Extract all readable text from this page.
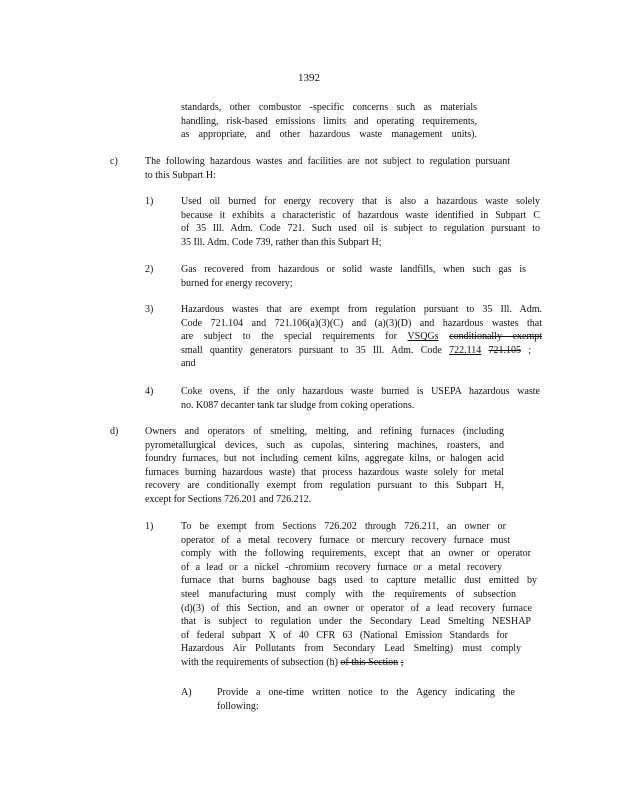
1392
standards, other combustor -specific concerns such as materials
handling, risk-based emissions limits and operating requirements,
as appropriate, and other hazardous waste management units).
c)	The following hazardous wastes and facilities are not subject to regulation pursuant
to this Subpart H:
1)	Used oil burned for energy recovery that is also a hazardous waste solely
because it exhibits a characteristic of hazardous waste identified in Subpart C
of 35 Ill. Adm. Code 721. Such used oil is subject to regulation pursuant to
35 Ill. Adm. Code 739, rather than this Subpart H;
2)	Gas recovered from hazardous or solid waste landfills, when such gas is
burned for energy recovery;
3)	Hazardous wastes that are exempt from regulation pursuant to 35 Ill. Adm.
Code 721.104 and 721.106(a)(3)(C) and (a)(3)(D) and hazardous wastes that
are subject to the special requirements for VSQGs conditionally exempt
small quantity generators pursuant to 35 Ill. Adm. Code 722.114 721.105 ;
and
4)	Coke ovens, if the only hazardous waste burned is USEPA hazardous waste
no. K087 decanter tank tar sludge from coking operations.
d)	Owners and operators of smelting, melting, and refining furnaces (including
pyrometallurgical devices, such as cupolas, sintering machines, roasters, and
foundry furnaces, but not including cement kilns, aggregate kilns, or halogen acid
furnaces burning hazardous waste) that process hazardous waste solely for metal
recovery are conditionally exempt from regulation pursuant to this Subpart H,
except for Sections 726.201 and 726.212.
1)	To be exempt from Sections 726.202 through 726.211, an owner or
operator of a metal recovery furnace or mercury recovery furnace must
comply with the following requirements, except that an owner or operator
of a lead or a nickel -chromium recovery furnace or a metal recovery
furnace that burns baghouse bags used to capture metallic dust emitted by
steel manufacturing must comply with the requirements of subsection
(d)(3) of this Section, and an owner or operator of a lead recovery furnace
that is subject to regulation under the Secondary Lead Smelting NESHAP
of federal subpart X of 40 CFR 63 (National Emission Standards for
Hazardous Air Pollutants from Secondary Lead Smelting) must comply
with the requirements of subsection (h) of this Section ;
A)	Provide a one-time written notice to the Agency indicating the
following:
